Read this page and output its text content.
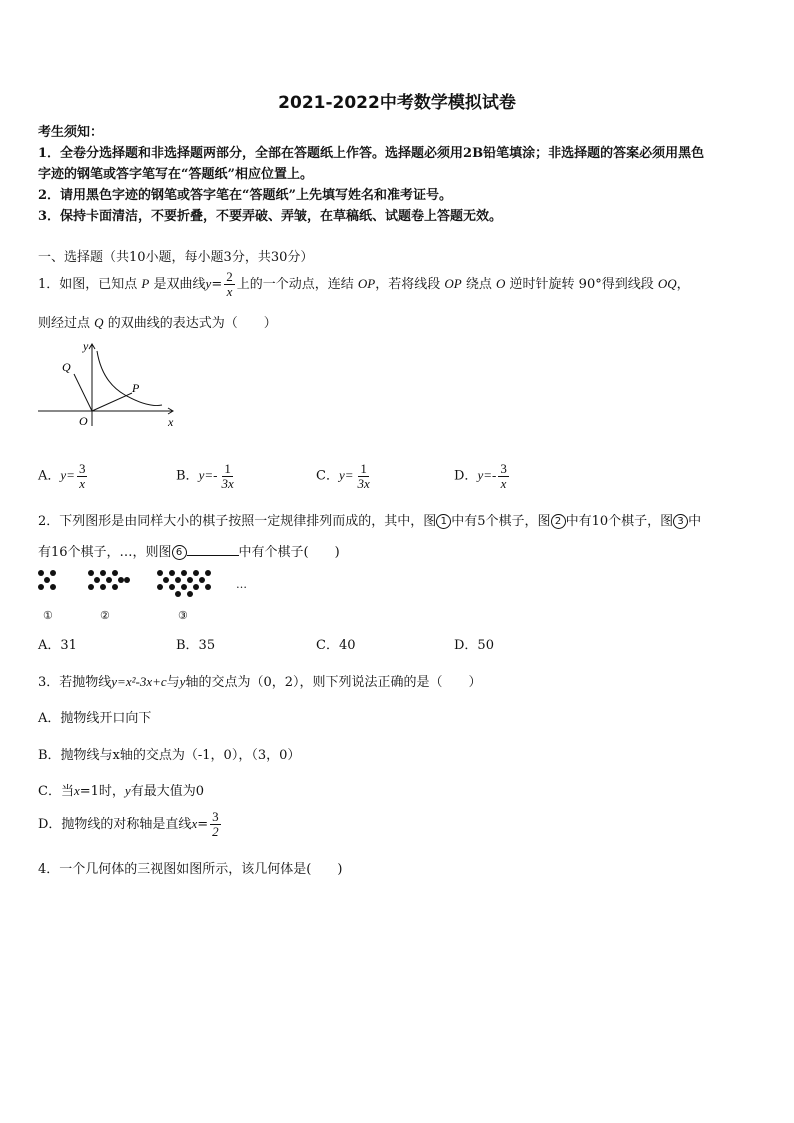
2021-2022中考数学模拟试卷
考生须知：
1．全卷分选择题和非选择题两部分，全部在答题纸上作答。选择题必须用2B铅笔填涂；非选择题的答案必须用黑色
字迹的钢笔或答字笔写在“答题纸”相应位置上。
2．请用黑色字迹的钢笔或答字笔在“答题纸”上先填写姓名和准考证号。
3．保持卡面清洁，不要折叠，不要弄破、弄皱，在草稿纸、试题卷上答题无效。
一、选择题（共10小题，每小题3分，共30分）
1．如图，已知点 P 是双曲线$y= \frac{2}{x}$ 上的一个动点，连结 OP，若将线段 OP 绕点 O 逆时针旋转 90°得到线段 OQ，
则经过点 Q 的双曲线的表达式为（　　）
y
Q
P
O	x
A．$y= \frac{3}{x}$	B．$y=- \frac{1}{3x}$	C．$y= \frac{1}{3x}$	D．$y=- \frac{3}{x}$
2．下列图形是由同样大小的棋子按照一定规律排列而成的，其中，图 1 中有5个棋子，图 2 中有10个棋子，图 3 中
有16个棋子，…，则图 6	中有个棋子(　　)
…
①	②	③
A．31	B．35	C．40	D．50
3．若抛物线y=x²-3x+c与y轴的交点为（0，2），则下列说法正确的是（　　）
A．抛物线开口向下
B．抛物线与x轴的交点为（-1，0），（3，0）
C．当x=1时，y有最大值为0
D．抛物线的对称轴是直线$x= \frac{3}{2}$
4．一个几何体的三视图如图所示，该几何体是(　　)
